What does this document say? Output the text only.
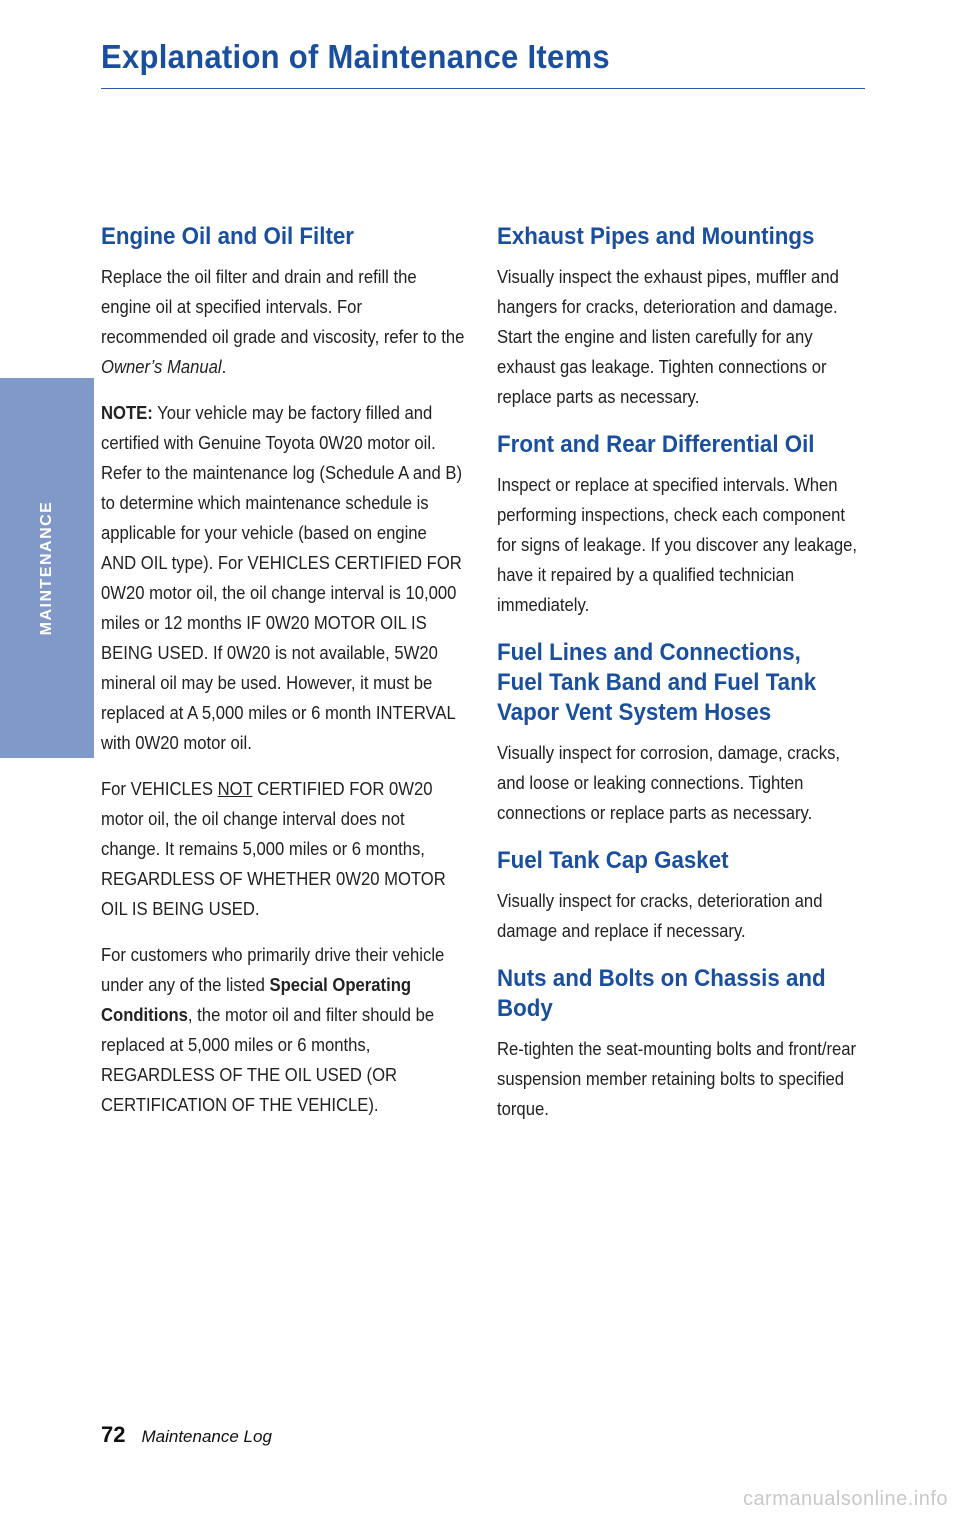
Explanation of Maintenance Items
MAINTENANCE
Engine Oil and Oil Filter

Replace the oil filter and drain and refill the engine oil at specified intervals. For recommended oil grade and viscosity, refer to the Owner’s Manual.

NOTE: Your vehicle may be factory filled and certified with Genuine Toyota 0W20 motor oil. Refer to the maintenance log (Schedule A and B) to determine which maintenance schedule is applicable for your vehicle (based on engine AND OIL type). For VEHICLES CERTIFIED FOR 0W20 motor oil, the oil change interval is 10,000 miles or 12 months IF 0W20 MOTOR OIL IS BEING USED. If 0W20 is not available, 5W20 mineral oil may be used. However, it must be replaced at A 5,000 miles or 6 month INTERVAL with 0W20 motor oil.

For VEHICLES NOT CERTIFIED FOR 0W20 motor oil, the oil change interval does not change. It remains 5,000 miles or 6 months, REGARDLESS OF WHETHER 0W20 MOTOR OIL IS BEING USED.

For customers who primarily drive their vehicle under any of the listed Special Operating Conditions, the motor oil and filter should be replaced at 5,000 miles or 6 months, REGARDLESS OF THE OIL USED (OR CERTIFICATION OF THE VEHICLE).

Exhaust Pipes and Mountings

Visually inspect the exhaust pipes, muffler and hangers for cracks, deterioration and damage. Start the engine and listen carefully for any exhaust gas leakage. Tighten connections or replace parts as necessary.

Front and Rear Differential Oil

Inspect or replace at specified intervals. When performing inspections, check each component for signs of leakage. If you discover any leakage, have it repaired by a qualified technician immediately.

Fuel Lines and Connections,
Fuel Tank Band and Fuel Tank
Vapor Vent System Hoses

Visually inspect for corrosion, damage, cracks, and loose or leaking connections. Tighten connections or replace parts as necessary.

Fuel Tank Cap Gasket

Visually inspect for cracks, deterioration and damage and replace if necessary.

Nuts and Bolts on Chassis and
Body

Re-tighten the seat-mounting bolts and front/rear suspension member retaining bolts to specified torque.

72 Maintenance Log
carmanualsonline.info
